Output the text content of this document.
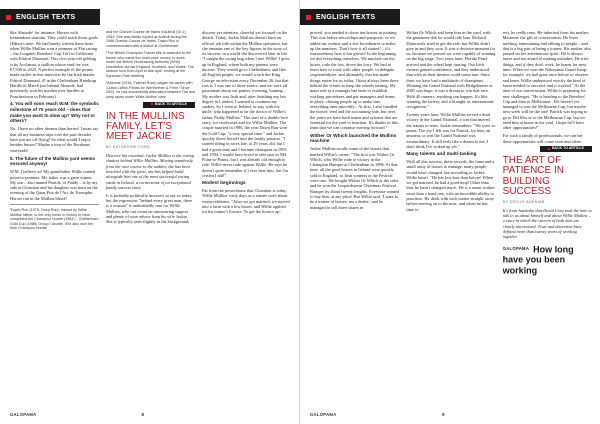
ENGLISH TEXTS

like Absurde¹ for instance. Horses with tremendous stamina. They could reach those goals. (Editor's note: We had barely written these lines when Willie Mullins won a moment of Flat racing – the Longines Breeders' Cup Turf in California with Ethical Diamond. This five-year-old gelding is by Acclamat, a stallion whose stud fee was €7,500 in 2025. A perfect example of the points made earlier in this interview by the Irish master. Ethical Diamond, 4⁵ in the Cheltenham Handicap Hurdle in March just behind Absurde, had previously won his maiden over hurdles at Punchestown in February)

4. You will soon reach W.M. the symbolic milestone of 70 years old – does that make you want to slow up? Why not or others?

No, I have no other dreams than horses! I must say that all my business trips over the past decades have put me off flying! So what would I enjoy besides horses? Maybe a tour of the Bordeaux vineyards!

5. The future of the Mullins yard seems ensured anyway!

W.M. I believe so! My grandfather Willie trained point-to-pointers. My father was a great trainer. My son – also named Patrick, or Paddy – is by my side at Closutton and his daughter was born on the evening of the Qatar Prix de l'Arc de Triomphe. Horses run in the Mullins blood!

¹Dawn Run (1978, Deep Run), trained by Willie Mullins' father, is the only horse in history to have completed the Champion Hurdle (1984) – Cheltenham Gold Cup (1986) Group I double. She also won the Irish Champion Hurdle

and the Grande Course de Haies d'Auteuil (Gr.1) 1984. She was fatally injured at Auteuil during the 1986 Grande Course de Haies. Dawn Run is commemorated with a statue at Cheltenham.

²The British Champion Trainer title is awarded to the trainer who earns the most prize money in races under the British Horseracing Authority (BHA) jurisdiction across England, Scotland, and Wales. The season runs from April to late April, ending at the Sandown Park meeting.

³Absurde (2018, Fastnet Rock) began his career with Carlos Laffon-Parias for Wertheimer & Frère. Since 2023, he has successfully alternated between Flat and jump races under Willie Mullins' care.

BACK TO ARTICLE
IN THE MULLINS FAMILY, LET'S MEET JACKIE
BY KATHERINE FORD

Discreet but essential, Jackie Mullins is the caring shadow behind Willie Mullins. Moving seamlessly from the race course to the stables, she has been involved with the sport, she has helped build alongside him one of the most successful racing yards in Ireland, a cornerstone of an exceptional family success story.

It is probably politically incorrect to say so today, but the expression "behind every great man, there is a woman" is undoubtedly true for Willie Mullins, who can count on unwavering support and plenty of wise advice from his wife Jackie. She is typically seen slightly in the background,

discreet yet attentive, cheerful yet focused on the details. Today, Jackie Mullins doesn't have an official job title within the Mullins operation, but she remains one of the key figures in the story of its success, in a world she discovered later in life. "I caught the racing bug when I met Willie! I grew up in England, where both my parents were doctors. They would go to Cheltenham, and like all English people, we would watch the King George on television every December 26, but that was it. I was one of three sisters, and we were all passionate about our ponies, eventing, hunting... My mother was Irish and, after finishing my law degree in London, I wanted to continue my studies. So I went to Ireland, to stay with my uncle, who happened to be the doctor of Willie's father, Paddy Mullins." The start of a double love story: for racehorses and for Willie Mullins. The couple married in 1986, the year Dawn Run won the Gold Cup, "a very special time," and Jackie quickly threw herself into the family passion. "I started riding in races late, at 29 years old, but I had a great time and I became champion in 1993 and 1994. I would have loved to take part in NH Point-to-Points, but I was already old enough to ride. Willie never rode against Willie. He says he doesn't quite remember if I ever beat him, but I'm certain I did!"

Modest beginnings

Far from the powerhouse that Closutton is today, Willie Mullins' early days as a trainer were about resourcefulness. "After we got married, we moved into a farm with a few boxes, and Willie applied for his trainer's licence. To get the licence ap-

GALOPAMA	8
ENGLISH TEXTS

proved, you needed to show ten horses in training. This was before microchips and passports, so we added my eventer and a few broodmares to make up the numbers. That's how it all started! – it's extraordinary how it has grown! In the beginning, we did everything ourselves. We mucked out the boxes, rode the lots, drove the lorry. We had to learn how to work with other people, to delegate responsibilities, and ultimately, that has made things easier for us today. I have always been there behind the scenes to keep the wheels turning. My main role as a manager has been to establish working procedures and put managers and teams in place, chasing people up to make sure everything runs smoothly... At first, I also handled the horses' feed and the accounting side, but over the years we have built teams and systems that are essential for the yard to function. It's thanks to this team that we can continue moving forward."

Wither Or Which launched the Mullins machine

Jackie Mullins recalls some of the horses that marked Willie's career: "The first was Wither Or Which, who Willie rode to victory in the Champion Bumper at Cheltenham in 1996. At that time, all the good horses in Ireland were quickly sold to England, so Irish winners at the Festival were rare. We bought Wither Or Which at the sales and he won the Leopardstown Christmas Festival Bumper by about twenty lengths. Everyone wanted to buy him, at any price! But Willie said, 'I want to be a trainer of horses, not a dealer,' and he managed to sell three shares in

Wither Or Which and keep him in the yard, with the guarantee that he would ride him. Richard Dunwoody tried to get the ride, but Willie didn't give in and they won. It was a decisive moment for us, because we proved we were capable of winning on the big stage. Two years later, Florida Pearl arrived and the wheel kept turning. Our Irish owners gained confidence, and they understood that with us their dreams could come true. Since then, we have had a multitude of champions. Winning the Grand National with Hedgehunter in 2005 was huge; it was a dream to win that race. With 40 runners, anything can happen. It's like winning the lottery, and it brought us international recognition."

Twenty years later, Willie Mullins served a third victory in the Grand National, a win that moved the trainer to tears. Jackie remembers: "We were so proud. The joy I felt was for Patrick, for him, an amateur, to win the Grand National was extraordinary. It still feels like a dream to me, I don't think I've woken up yet."

Many talents and multi-tasking

With all this success, these records, the fame and a small army of horses to manage, many people would have changed, but according to Jackie, Willie hasn't. "He has less hair than before! When we got married, he had a good mop! Other than that, he hasn't changed much. He is a smart worker more than a hand one, with an incredible ability to prioritize. He deals with each matter straight away before moving on to the next, and when he has time to

rest, he really rests. He inherited from his mother, Maureen, the gift of conversation. He loves meeting, entertaining and talking to people – and that is a big part of being a trainer. His mother also passed on her adventurous spirit. He is always brave and not afraid of making mistakes. He tries things, and if they don't work, he learns for next time. When we won the Nakayama Grand Jump, for example, we had gone once before to observe and learn. Willie understood exactly the kind of horse needed to succeed, and it worked." At the time of our conversation, Willie is preparing for new challenges. "He is heading to the Breeders' Cup and then to Melbourne...We haven't yet managed to win the Melbourne Cup, but maybe next week will be the one! Patrick was hoping to go to Del Mar or to the Melbourne Cup, but we need him at home in the yard. I hope he'll have other opportunities!"

For such a family of professionals, we can bet these opportunities will come soon and often.

BACK TO ARTICLE
THE ART OF PATIENCE IN BUILDING SUCCESS
BY CÉCILE ADENIAB

It's from Australia that David Coey took the time to talk to us about himself and about Willie Mullins – a story in which the careers of both men are closely intertwined. Trust and discretion have defined more than twenty years of working together.

GALOPAMA How long have you been working
GALOPAMA	9
